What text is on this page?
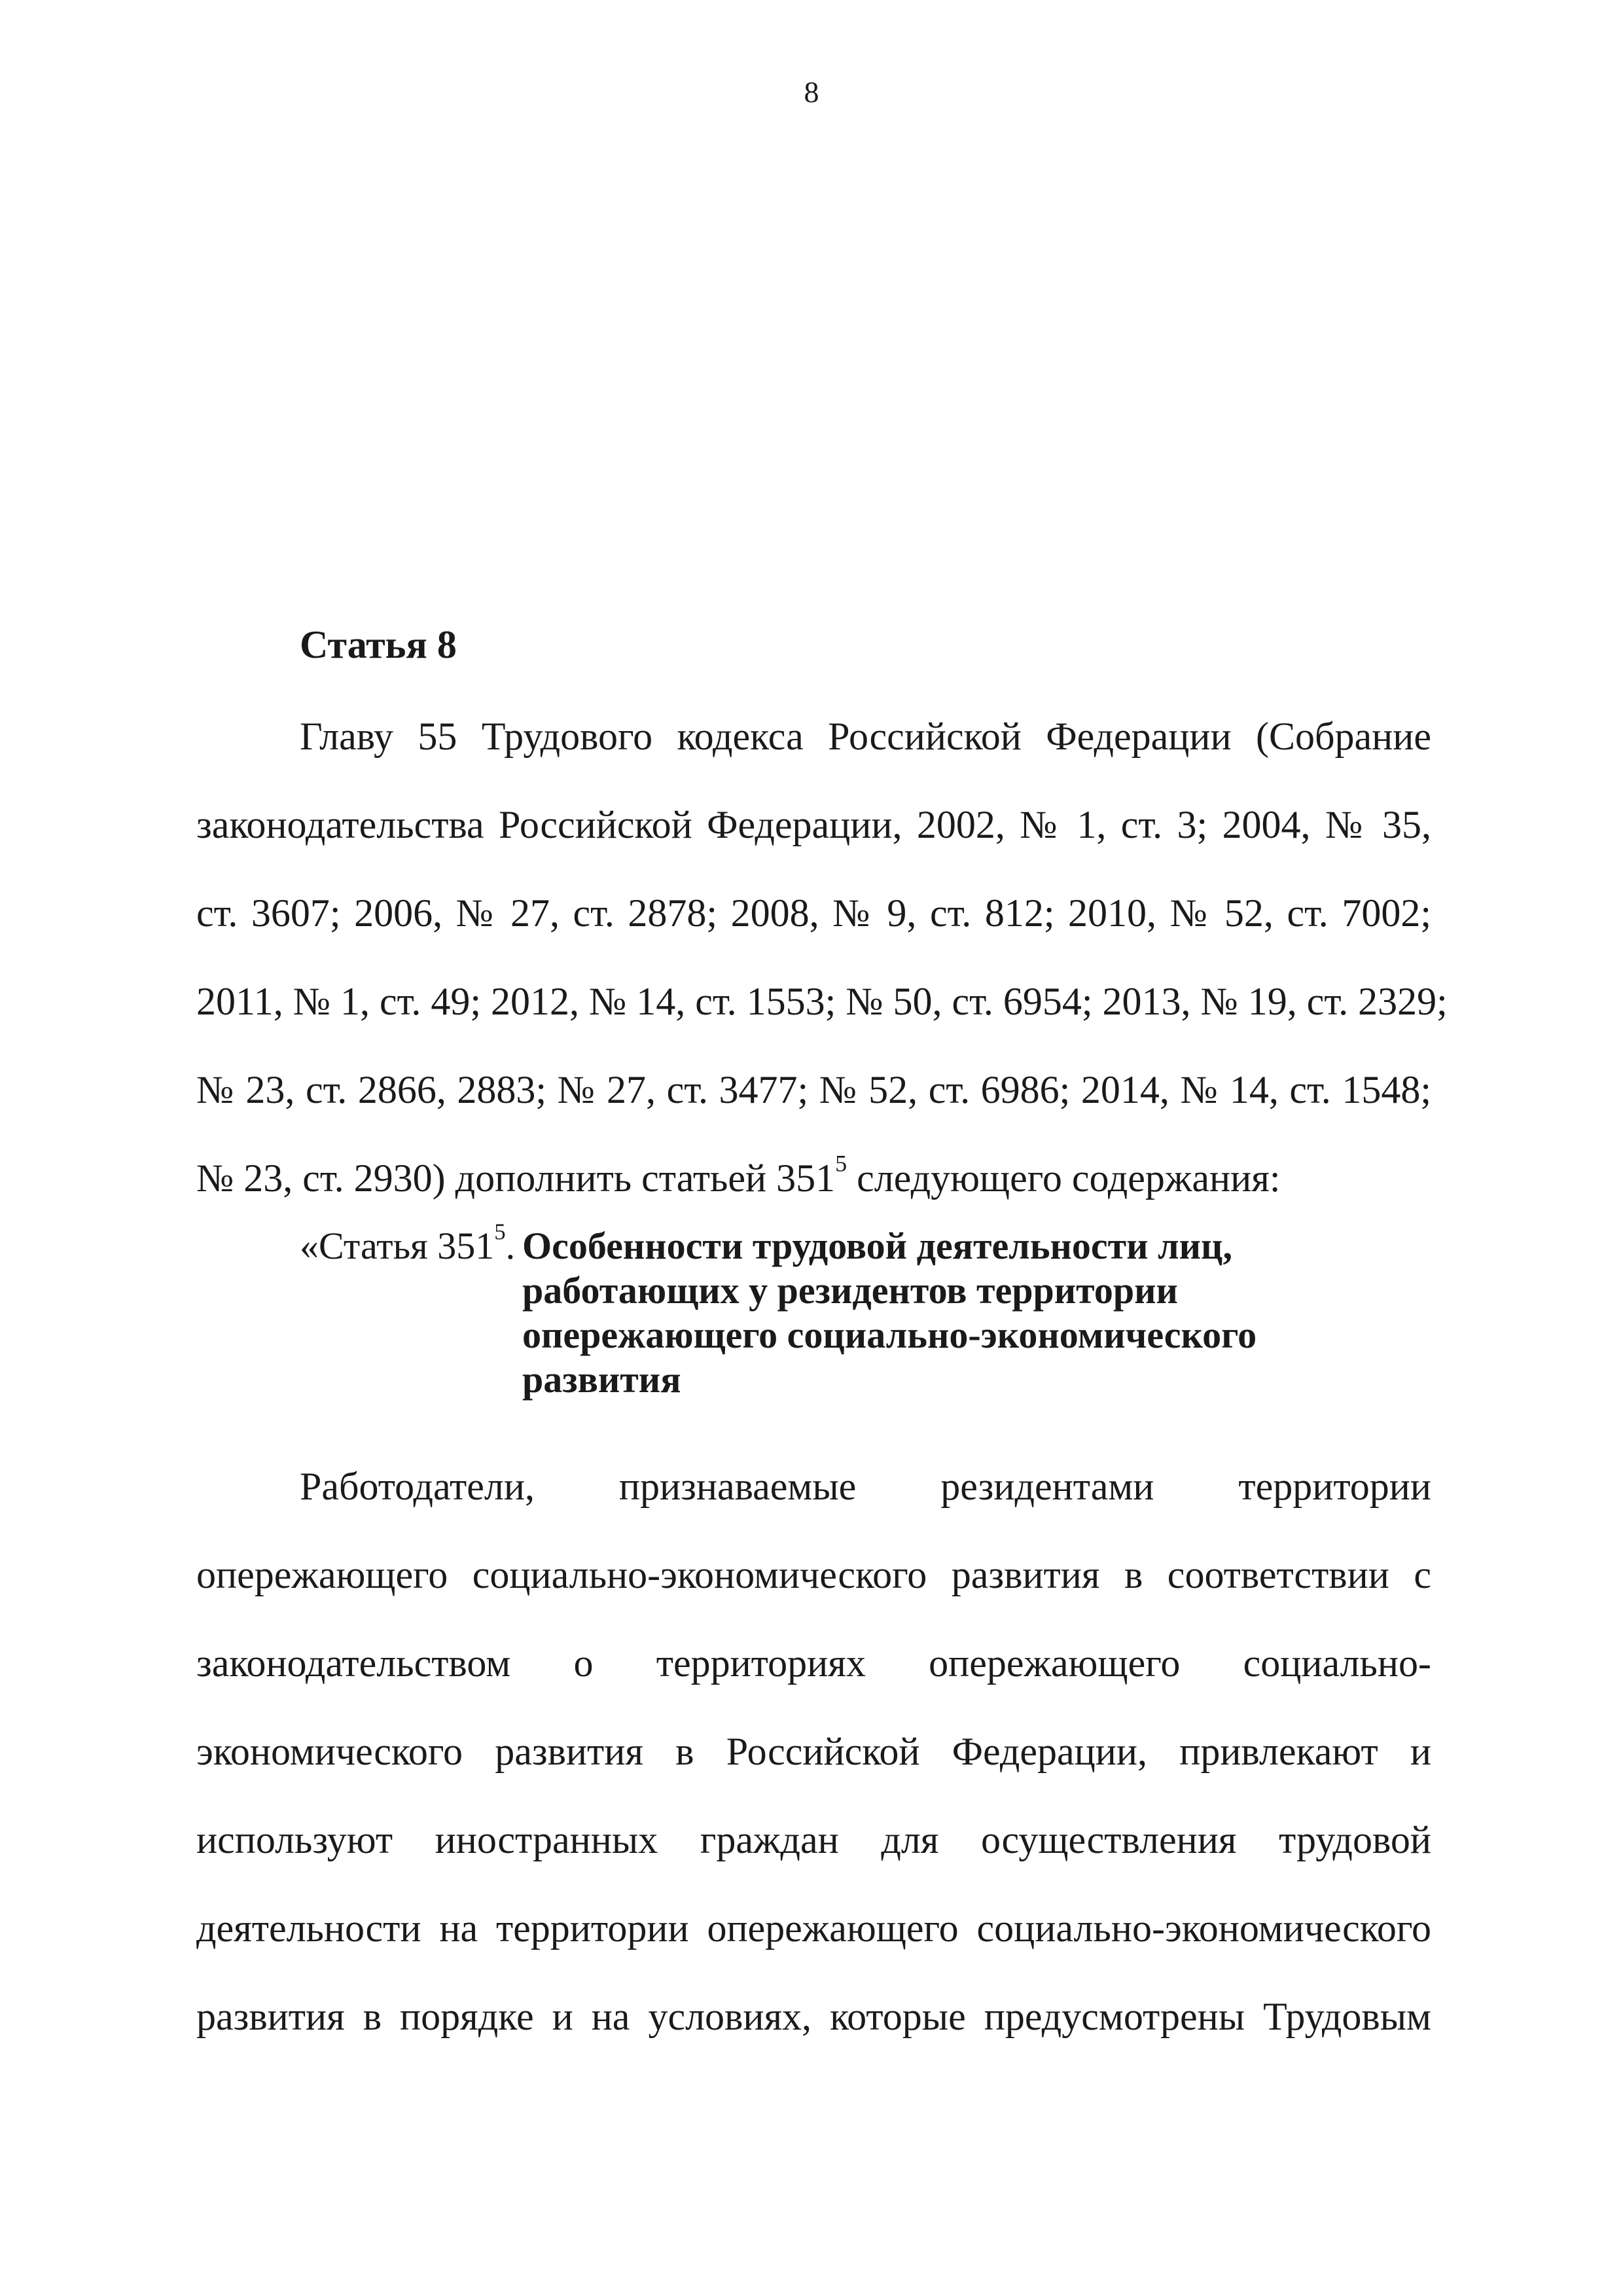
8
Статья 8
Главу 55 Трудового кодекса Российской Федерации (Собрание
законодательства Российской Федерации, 2002, № 1, ст. 3; 2004, № 35,
ст. 3607; 2006, № 27, ст. 2878; 2008, № 9, ст. 812; 2010, № 52, ст. 7002;
2011, № 1, ст. 49; 2012, № 14, ст. 1553; № 50, ст. 6954; 2013, № 19, ст. 2329;
№ 23, ст. 2866, 2883; № 27, ст. 3477; № 52, ст. 6986; 2014, № 14, ст. 1548;
№ 23, ст. 2930) дополнить статьей $351^5$ следующего содержания:
«Статья $351^5$. Особенности трудовой деятельности лиц,
работающих у резидентов территории
опережающего социально-экономического
развития
Работодатели, признаваемые резидентами территории
опережающего социально-экономического развития в соответствии с
законодательством о территориях опережающего социально-
экономического развития в Российской Федерации, привлекают и
используют иностранных граждан для осуществления трудовой
деятельности на территории опережающего социально-экономического
развития в порядке и на условиях, которые предусмотрены Трудовым
